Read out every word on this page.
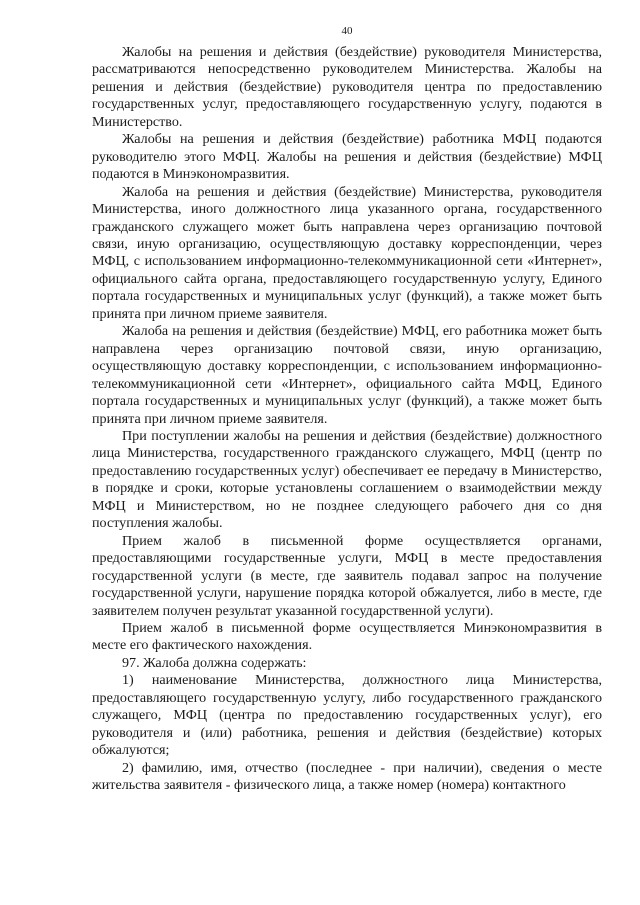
40

Жалобы на решения и действия (бездействие) руководителя Министерства, рассматриваются непосредственно руководителем Министерства. Жалобы на решения и действия (бездействие) руководителя центра по предоставлению государственных услуг, предоставляющего государственную услугу, подаются в Министерство.

Жалобы на решения и действия (бездействие) работника МФЦ подаются руководителю этого МФЦ. Жалобы на решения и действия (бездействие) МФЦ подаются в Минэкономразвития.

Жалоба на решения и действия (бездействие) Министерства, руководителя Министерства, иного должностного лица указанного органа, государственного гражданского служащего может быть направлена через организацию почтовой связи, иную организацию, осуществляющую доставку корреспонденции, через МФЦ, с использованием информационно-телекоммуникационной сети «Интернет», официального сайта органа, предоставляющего государственную услугу, Единого портала государственных и муниципальных услуг (функций), а также может быть принята при личном приеме заявителя.

Жалоба на решения и действия (бездействие) МФЦ, его работника может быть направлена через организацию почтовой связи, иную организацию, осуществляющую доставку корреспонденции, с использованием информационно-телекоммуникационной сети «Интернет», официального сайта МФЦ, Единого портала государственных и муниципальных услуг (функций), а также может быть принята при личном приеме заявителя.

При поступлении жалобы на решения и действия (бездействие) должностного лица Министерства, государственного гражданского служащего, МФЦ (центр по предоставлению государственных услуг) обеспечивает ее передачу в Министерство, в порядке и сроки, которые установлены соглашением о взаимодействии между МФЦ и Министерством, но не позднее следующего рабочего дня со дня поступления жалобы.

Прием жалоб в письменной форме осуществляется органами, предоставляющими государственные услуги, МФЦ в месте предоставления государственной услуги (в месте, где заявитель подавал запрос на получение государственной услуги, нарушение порядка которой обжалуется, либо в месте, где заявителем получен результат указанной государственной услуги).

Прием жалоб в письменной форме осуществляется Минэкономразвития в месте его фактического нахождения.

97. Жалоба должна содержать:

1) наименование Министерства, должностного лица Министерства, предоставляющего государственную услугу, либо государственного гражданского служащего, МФЦ (центра по предоставлению государственных услуг), его руководителя и (или) работника, решения и действия (бездействие) которых обжалуются;

2) фамилию, имя, отчество (последнее - при наличии), сведения о месте жительства заявителя - физического лица, а также номер (номера) контактного
